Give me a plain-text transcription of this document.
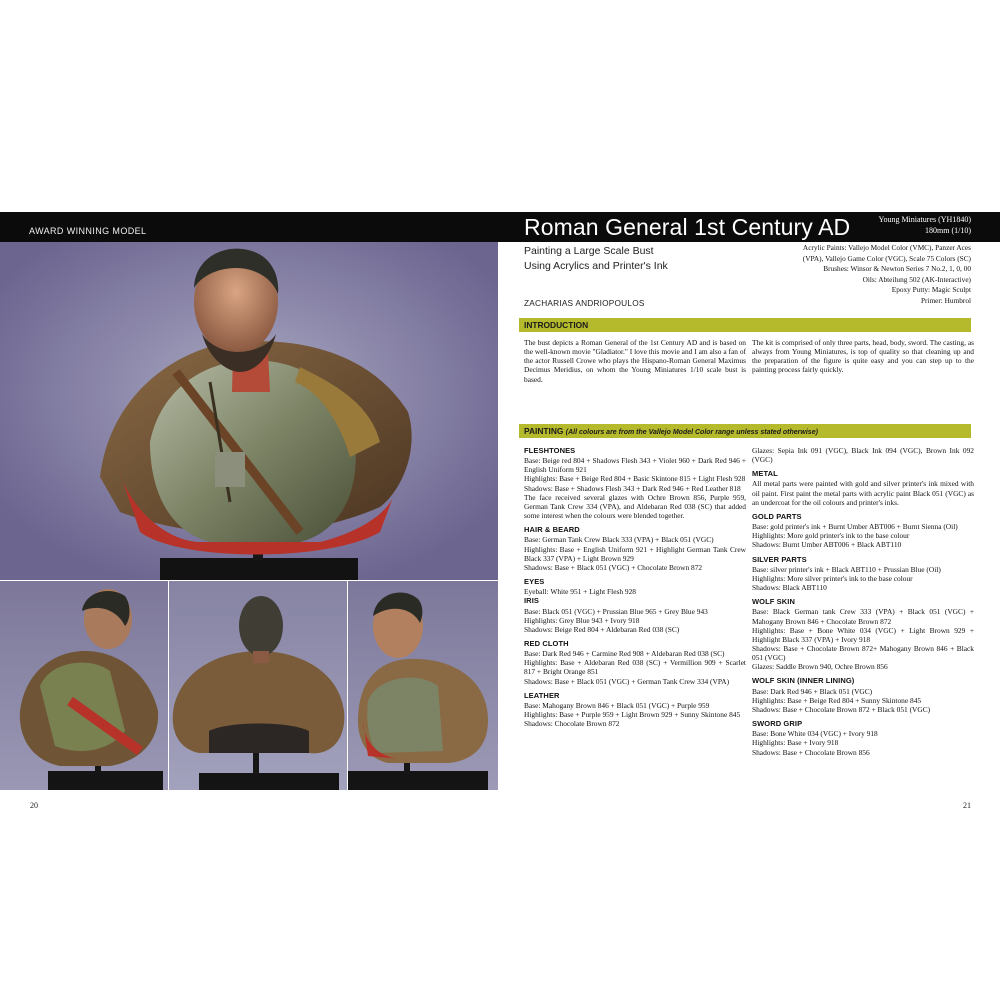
AWARD WINNING MODEL	Roman General 1st Century AD	Young Miniatures (YH1840)
180mm (1/10)
20	21
Painting a Large Scale Bust
Using Acrylics and Printer's Ink
Acrylic Paints: Vallejo Model Color (VMC), Panzer Aces
(VPA), Vallejo Game Color (VGC), Scale 75 Colors (SC)
Brushes: Winsor & Newton Series 7 No.2, 1, 0, 00
Oils: Abteilung 502 (AK-Interactive)
Epoxy Putty: Magic Sculpt
Primer: Humbrol
ZACHARIAS ANDRIOPOULOS
INTRODUCTION

The bust depicts a Roman General of the 1st Century AD and is based on the well-known movie "Gladiator." I love this movie and I am also a fan of the actor Russell Crowe who plays the Hispano-Roman General Maximus Decimus Meridius, on whom the Young Miniatures 1/10 scale bust is based.

The kit is comprised of only three parts, head, body, sword. The casting, as always from Young Miniatures, is top of quality so that cleaning up and the preparation of the figure is quite easy and you can step up to the painting process fairly quickly.

PAINTING (All colours are from the Vallejo Model Color range unless stated otherwise)
FLESHTONES

Base: Beige red 804 + Shadows Flesh 343 + Violet 960 + Dark Red 946 + English Uniform 921

Highlights: Base + Beige Red 804 + Basic Skintone 815 + Light Flesh 928

Shadows: Base + Shadows Flesh 343 + Dark Red 946 + Red Leather 818

The face received several glazes with Ochre Brown 856, Purple 959, German Tank Crew 334 (VPA), and Aldebaran Red 038 (SC) that added some interest when the colours were blended together.

HAIR & BEARD

Base: German Tank Crew Black 333 (VPA) + Black 051 (VGC)

Highlights: Base + English Uniform 921 + Highlight German Tank Crew Black 337 (VPA) + Light Brown 929

Shadows: Base + Black 051 (VGC) + Chocolate Brown 872

EYES

Eyeball: White 951 + Light Flesh 928

IRIS

Base: Black 051 (VGC) + Prussian Blue 965 + Grey Blue 943

Highlights: Grey Blue 943 + Ivory 918

Shadows: Beige Red 804 + Aldebaran Red 038 (SC)

RED CLOTH

Base: Dark Red 946 + Carmine Red 908 + Aldebaran Red 038 (SC)

Highlights: Base + Aldebaran Red 038 (SC) + Vermillion 909 + Scarlet 817 + Bright Orange 851

Shadows: Base + Black 051 (VGC) + German Tank Crew 334 (VPA)

LEATHER

Base: Mahogany Brown 846 + Black 051 (VGC) + Purple 959

Highlights: Base + Purple 959 + Light Brown 929 + Sunny Skintone 845

Shadows: Chocolate Brown 872

Glazes: Sepia Ink 091 (VGC), Black Ink 094 (VGC), Brown Ink 092 (VGC)

METAL

All metal parts were painted with gold and silver printer's ink mixed with oil paint. First paint the metal parts with acrylic paint Black 051 (VGC) as an undercoat for the oil colours and printer's inks.

GOLD PARTS

Base: gold printer's ink + Burnt Umber ABT006 + Burnt Sienna (Oil)

Highlights: More gold printer's ink to the base colour

Shadows: Burnt Umber ABT006 + Black ABT110

SILVER PARTS

Base: silver printer's ink + Black ABT110 + Prussian Blue (Oil)

Highlights: More silver printer's ink to the base colour

Shadows: Black ABT110

WOLF SKIN

Base: Black German tank Crew 333 (VPA) + Black 051 (VGC) + Mahogany Brown 846 + Chocolate Brown 872

Highlights: Base + Bone White 034 (VGC) + Light Brown 929 + Highlight Black 337 (VPA) + Ivory 918

Shadows: Base + Chocolate Brown 872+ Mahogany Brown 846 + Black 051 (VGC)

Glazes: Saddle Brown 940, Ochre Brown 856

WOLF SKIN (INNER LINING)

Base: Dark Red 946 + Black 051 (VGC)

Highlights: Base + Beige Red 804 + Sunny Skintone 845

Shadows: Base + Chocolate Brown 872 + Black 051 (VGC)

SWORD GRIP

Base: Bone White 034 (VGC) + Ivory 918

Highlights: Base + Ivory 918

Shadows: Base + Chocolate Brown 856
